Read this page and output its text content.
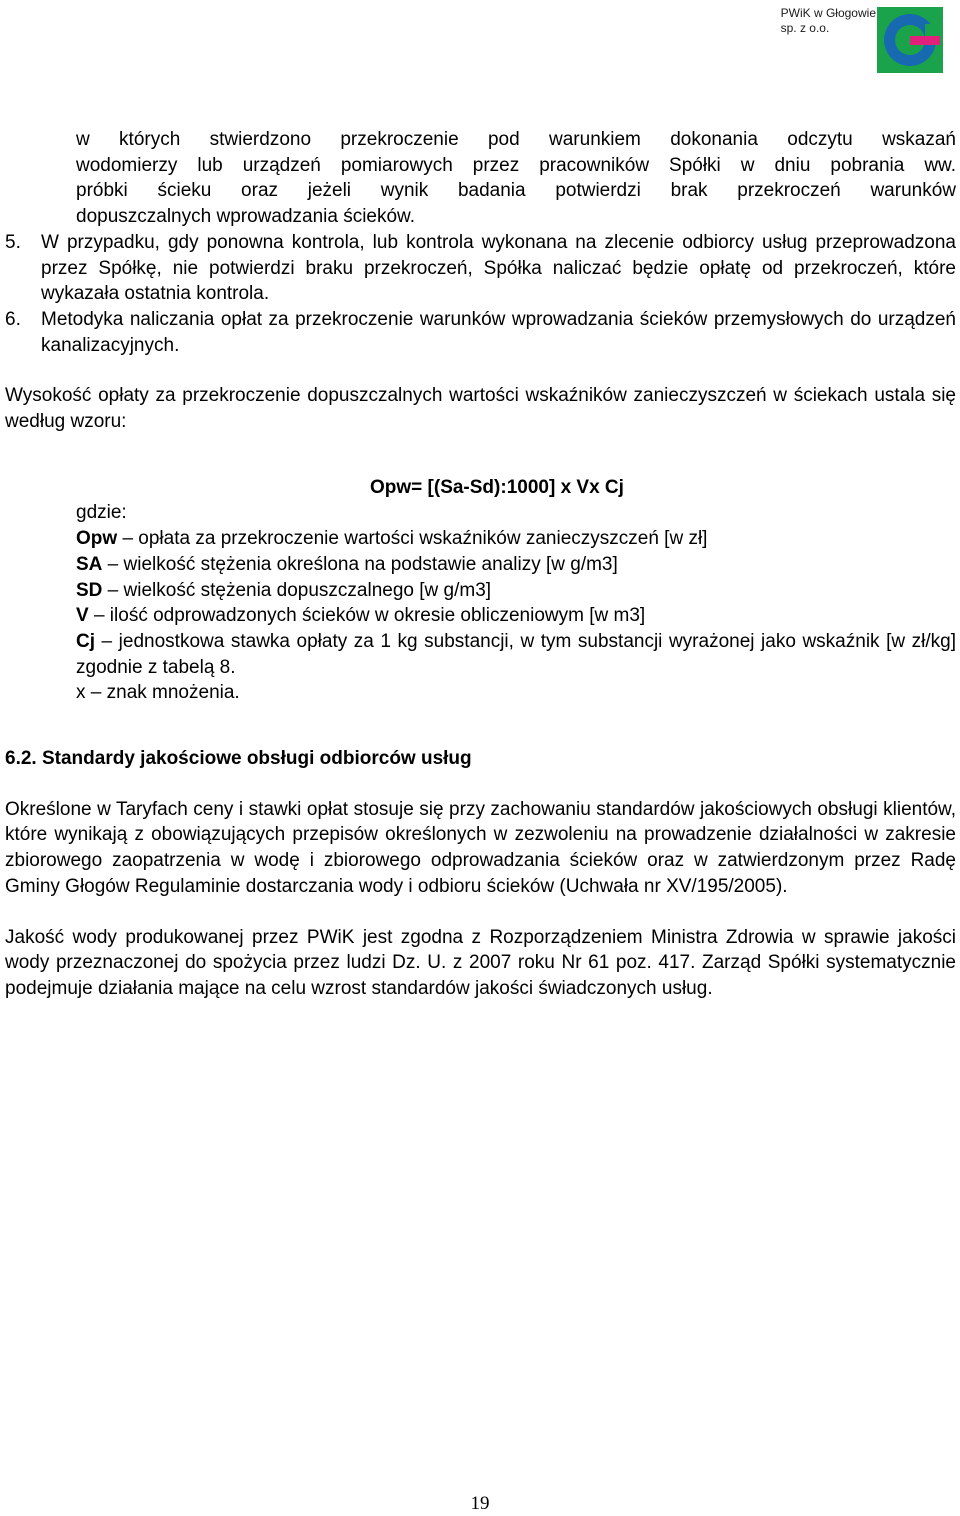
PWiK w Głogowie
sp. z o.o.

w których stwierdzono przekroczenie pod warunkiem dokonania odczytu wskazań

wodomierzy lub urządzeń pomiarowych przez pracowników Spółki w dniu pobrania ww.

próbki ścieku oraz jeżeli wynik badania potwierdzi brak przekroczeń warunków

dopuszczalnych wprowadzania ścieków.

5.	W przypadku, gdy ponowna kontrola, lub kontrola wykonana na zlecenie odbiorcy usług przeprowadzona przez Spółkę, nie potwierdzi braku przekroczeń, Spółka naliczać będzie opłatę od przekroczeń, które wykazała ostatnia kontrola.
6.	Metodyka naliczania opłat za przekroczenie warunków wprowadzania ścieków przemysłowych do urządzeń kanalizacyjnych.

Wysokość opłaty za przekroczenie dopuszczalnych wartości wskaźników zanieczyszczeń w ściekach ustala się według wzoru:

Opw= [(Sa-Sd):1000] x Vx Cj

gdzie:

Opw – opłata za przekroczenie wartości wskaźników zanieczyszczeń [w zł]

SA – wielkość stężenia określona na podstawie analizy [w g/m3]

SD – wielkość stężenia dopuszczalnego [w g/m3]

V – ilość odprowadzonych ścieków w okresie obliczeniowym [w m3]

Cj – jednostkowa stawka opłaty za 1 kg substancji, w tym substancji wyrażonej jako wskaźnik [w zł/kg] zgodnie z tabelą 8.

x – znak mnożenia.

6.2. Standardy jakościowe obsługi odbiorców usług

Określone w Taryfach ceny i stawki opłat stosuje się przy zachowaniu standardów jakościowych obsługi klientów, które wynikają z obowiązujących przepisów określonych w zezwoleniu na prowadzenie działalności w zakresie zbiorowego zaopatrzenia w wodę i zbiorowego odprowadzania ścieków oraz w zatwierdzonym przez Radę Gminy Głogów Regulaminie dostarczania wody i odbioru ścieków (Uchwała nr XV/195/2005).

Jakość wody produkowanej przez PWiK jest zgodna z Rozporządzeniem Ministra Zdrowia w sprawie jakości wody przeznaczonej do spożycia przez ludzi Dz. U. z 2007 roku Nr 61 poz. 417. Zarząd Spółki systematycznie podejmuje działania mające na celu wzrost standardów jakości świadczonych usług.

19
